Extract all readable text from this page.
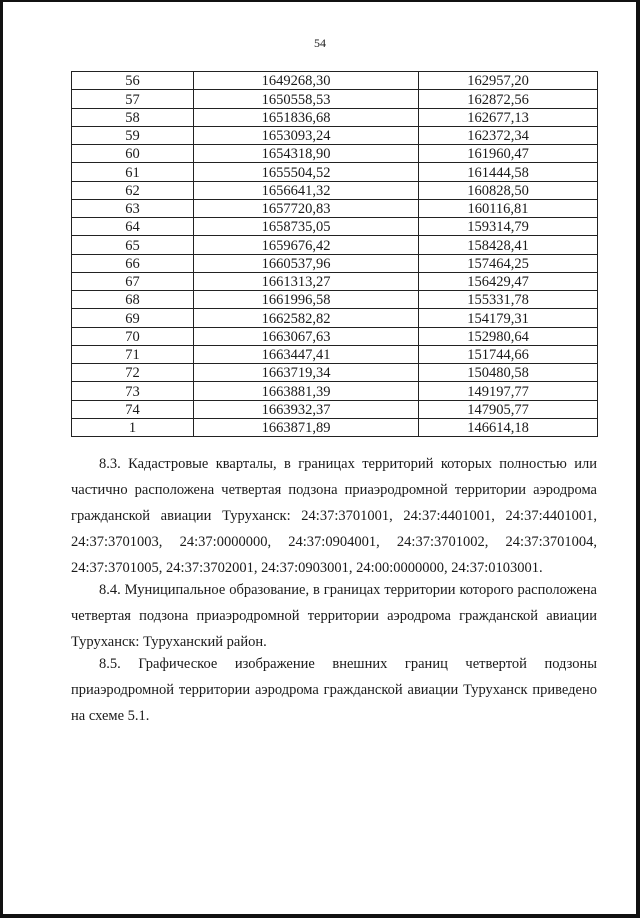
54
56	1649268,30	162957,20
57	1650558,53	162872,56
58	1651836,68	162677,13
59	1653093,24	162372,34
60	1654318,90	161960,47
61	1655504,52	161444,58
62	1656641,32	160828,50
63	1657720,83	160116,81
64	1658735,05	159314,79
65	1659676,42	158428,41
66	1660537,96	157464,25
67	1661313,27	156429,47
68	1661996,58	155331,78
69	1662582,82	154179,31
70	1663067,63	152980,64
71	1663447,41	151744,66
72	1663719,34	150480,58
73	1663881,39	149197,77
74	1663932,37	147905,77
1	1663871,89	146614,18

8.3. Кадастровые кварталы, в границах территорий которых полностью или частично расположена четвертая подзона приаэродромной территории аэродрома гражданской авиации Туруханск: 24:37:3701001, 24:37:4401001, 24:37:4401001, 24:37:3701003, 24:37:0000000, 24:37:0904001, 24:37:3701002, 24:37:3701004, 24:37:3701005, 24:37:3702001, 24:37:0903001, 24:00:0000000, 24:37:0103001.

8.4. Муниципальное образование, в границах территории которого расположена четвертая подзона приаэродромной территории аэродрома гражданской авиации Туруханск: Туруханский район.

8.5. Графическое изображение внешних границ четвертой подзоны приаэродромной территории аэродрома гражданской авиации Туруханск приведено на схеме 5.1.
